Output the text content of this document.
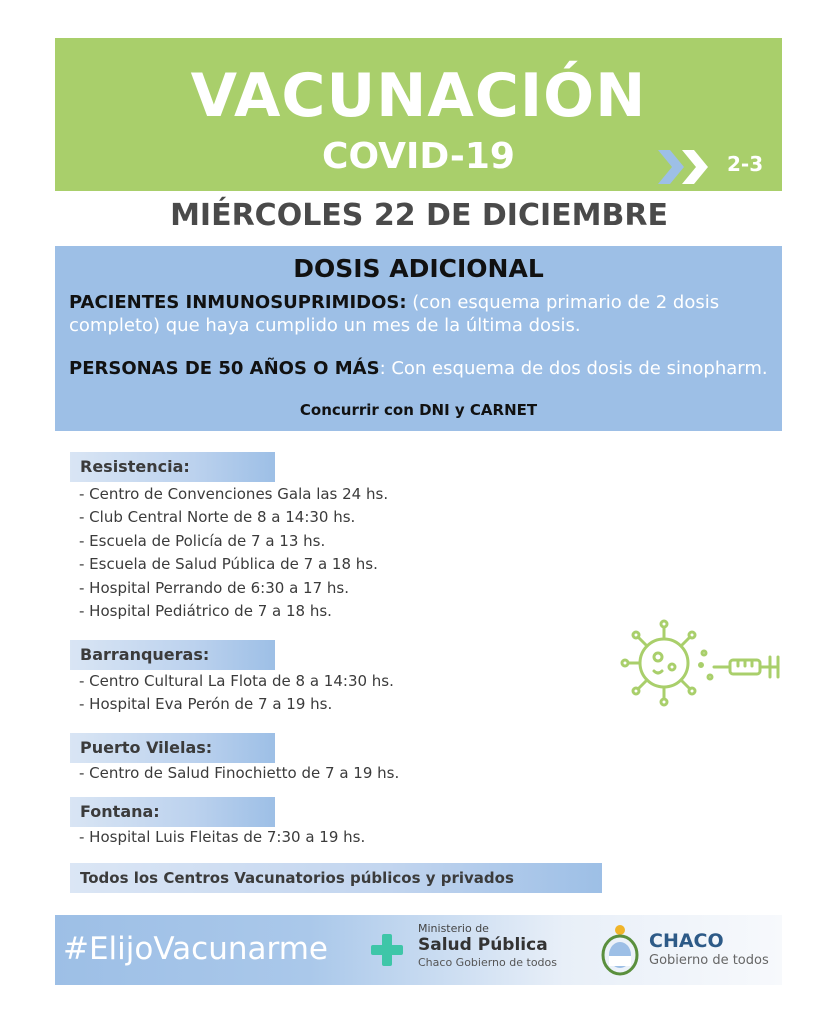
VACUNACIÓN
COVID-19	2-3
MIÉRCOLES 22 DE DICIEMBRE
DOSIS ADICIONAL
PACIENTES INMUNOSUPRIMIDOS: (con esquema primario de 2 dosis completo) que haya cumplido un mes de la última dosis.
PERSONAS DE 50 AÑOS O MÁS: Con esquema de dos dosis de sinopharm.
Concurrir con DNI y CARNET
Resistencia:
- Centro de Convenciones Gala las 24 hs.
- Club Central Norte de 8 a 14:30 hs.
- Escuela de Policía de 7 a 13 hs.
- Escuela de Salud Pública de 7 a 18 hs.
- Hospital Perrando de 6:30 a 17 hs.
- Hospital Pediátrico de 7 a 18 hs.
Barranqueras:
- Centro Cultural La Flota de 8 a 14:30 hs.
- Hospital Eva Perón de 7 a 19 hs.
Puerto Vilelas:
- Centro de Salud Finochietto de 7 a 19 hs.
Fontana:
- Hospital Luis Fleitas de 7:30 a 19 hs.
Todos los Centros Vacunatorios públicos y privados
#ElijoVacunarme
Ministerio de
Salud Pública
Chaco Gobierno de todos
CHACO
Gobierno de todos
